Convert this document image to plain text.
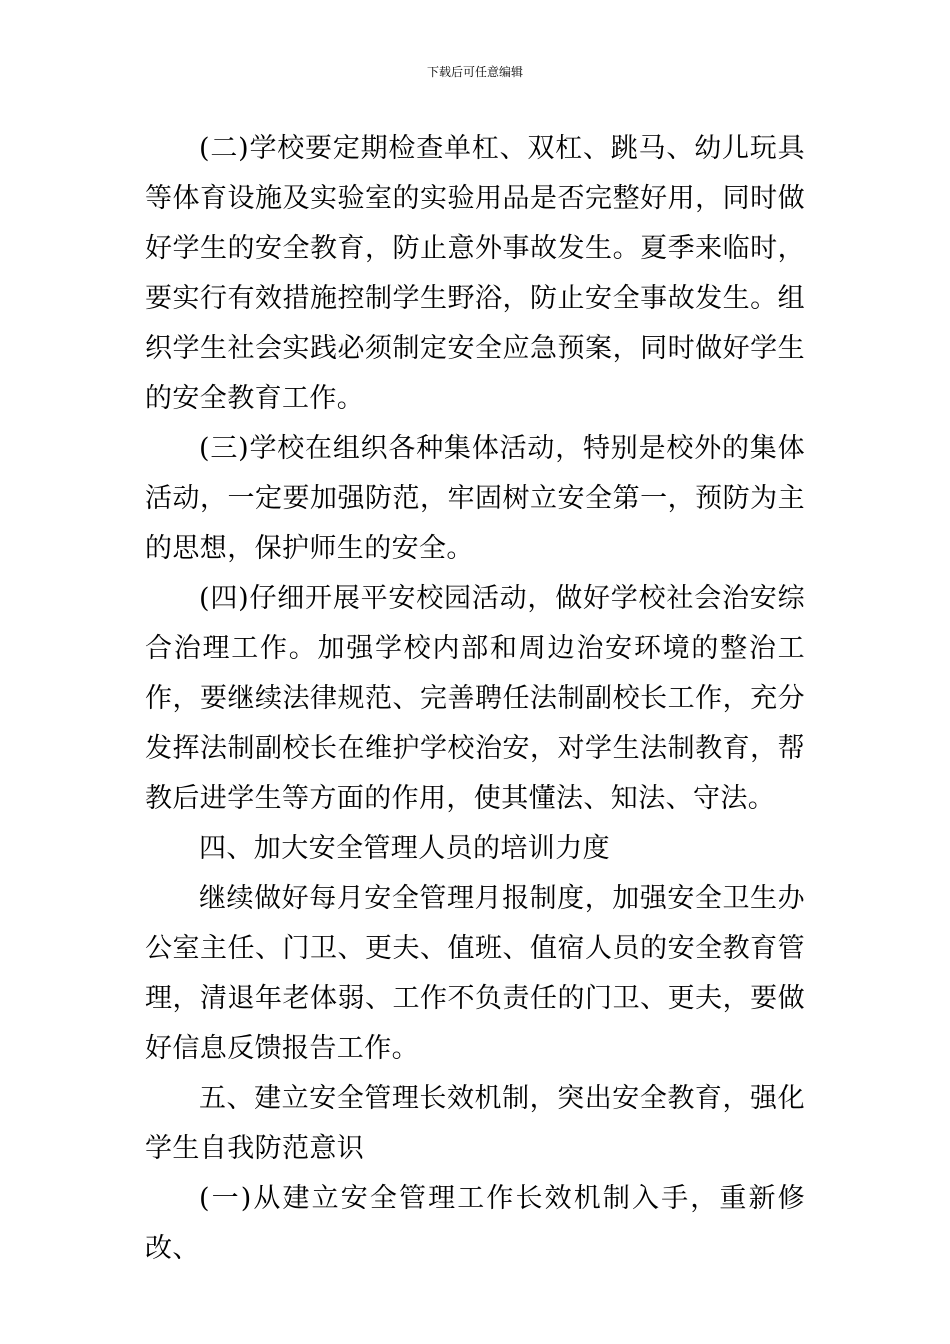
下载后可任意编辑

(二)学校要定期检查单杠、双杠、跳马、幼儿玩具等体育设施及实验室的实验用品是否完整好用，同时做好学生的安全教育，防止意外事故发生。夏季来临时，要实行有效措施控制学生野浴，防止安全事故发生。组织学生社会实践必须制定安全应急预案，同时做好学生的安全教育工作。

(三)学校在组织各种集体活动，特别是校外的集体活动，一定要加强防范，牢固树立安全第一，预防为主的思想，保护师生的安全。

(四)仔细开展平安校园活动，做好学校社会治安综合治理工作。加强学校内部和周边治安环境的整治工作，要继续法律规范、完善聘任法制副校长工作，充分发挥法制副校长在维护学校治安，对学生法制教育，帮教后进学生等方面的作用，使其懂法、知法、守法。

四、加大安全管理人员的培训力度

继续做好每月安全管理月报制度，加强安全卫生办公室主任、门卫、更夫、值班、值宿人员的安全教育管理，清退年老体弱、工作不负责任的门卫、更夫，要做好信息反馈报告工作。

五、建立安全管理长效机制，突出安全教育，强化学生自我防范意识

(一)从建立安全管理工作长效机制入手，重新修改、
